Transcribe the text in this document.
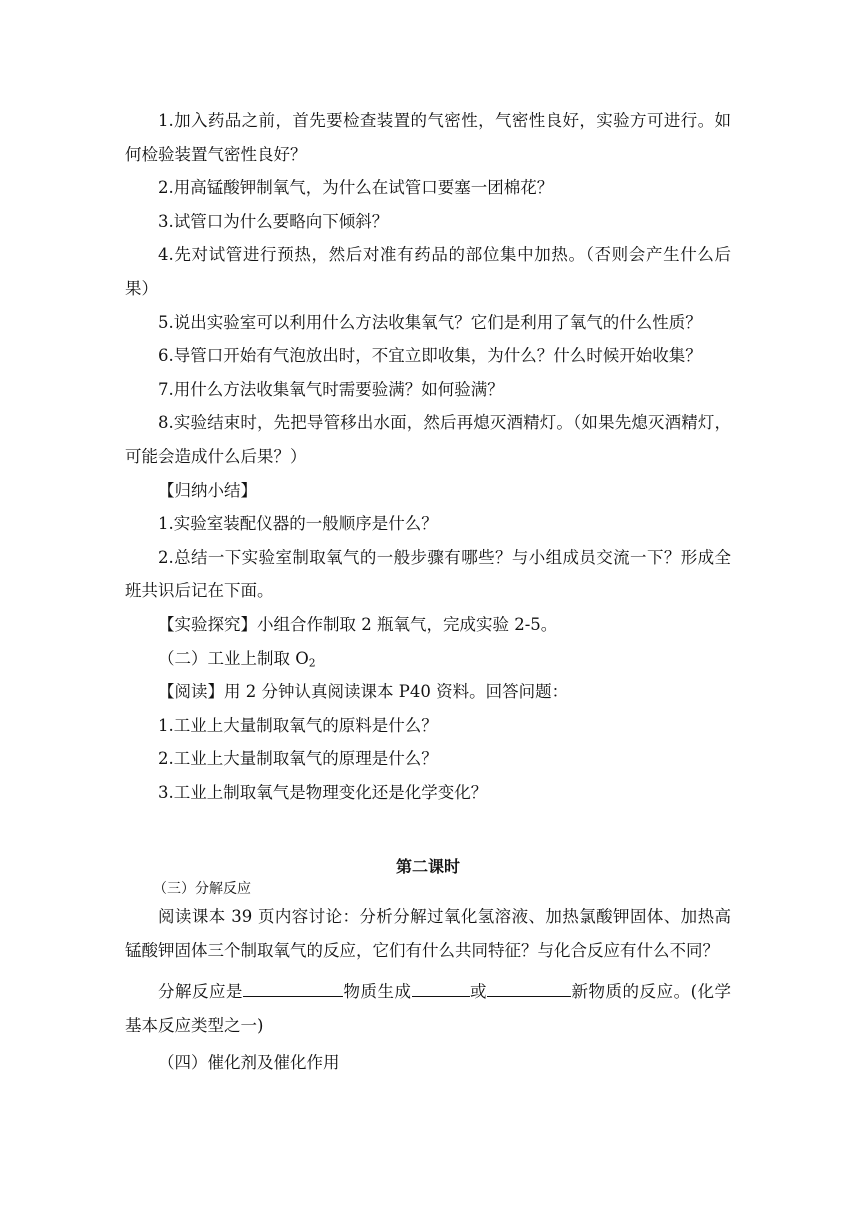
1.加入药品之前，首先要检查装置的气密性，气密性良好，实验方可进行。如何检验装置气密性良好？

2.用高锰酸钾制氧气，为什么在试管口要塞一团棉花？

3.试管口为什么要略向下倾斜？

4.先对试管进行预热，然后对准有药品的部位集中加热。（否则会产生什么后果）

5.说出实验室可以利用什么方法收集氧气？它们是利用了氧气的什么性质？

6.导管口开始有气泡放出时，不宜立即收集，为什么？什么时候开始收集？

7.用什么方法收集氧气时需要验满？如何验满？

8.实验结束时，先把导管移出水面，然后再熄灭酒精灯。（如果先熄灭酒精灯，可能会造成什么后果？）

【归纳小结】

1.实验室装配仪器的一般顺序是什么？

2.总结一下实验室制取氧气的一般步骤有哪些？与小组成员交流一下？形成全班共识后记在下面。

【实验探究】小组合作制取 2 瓶氧气，完成实验 2-5。

（二）工业上制取 $O_2$

【阅读】用 2 分钟认真阅读课本 P40 资料。回答问题：

1.工业上大量制取氧气的原料是什么？

2.工业上大量制取氧气的原理是什么？

3.工业上制取氧气是物理变化还是化学变化？

第二课时

（三）分解反应

阅读课本 39 页内容讨论：分析分解过氧化氢溶液、加热氯酸钾固体、加热高锰酸钾固体三个制取氧气的反应，它们有什么共同特征？与化合反应有什么不同？

分解反应是	物质生成	或	新物质的反应。(化学基本反应类型之一)

（四）催化剂及催化作用
